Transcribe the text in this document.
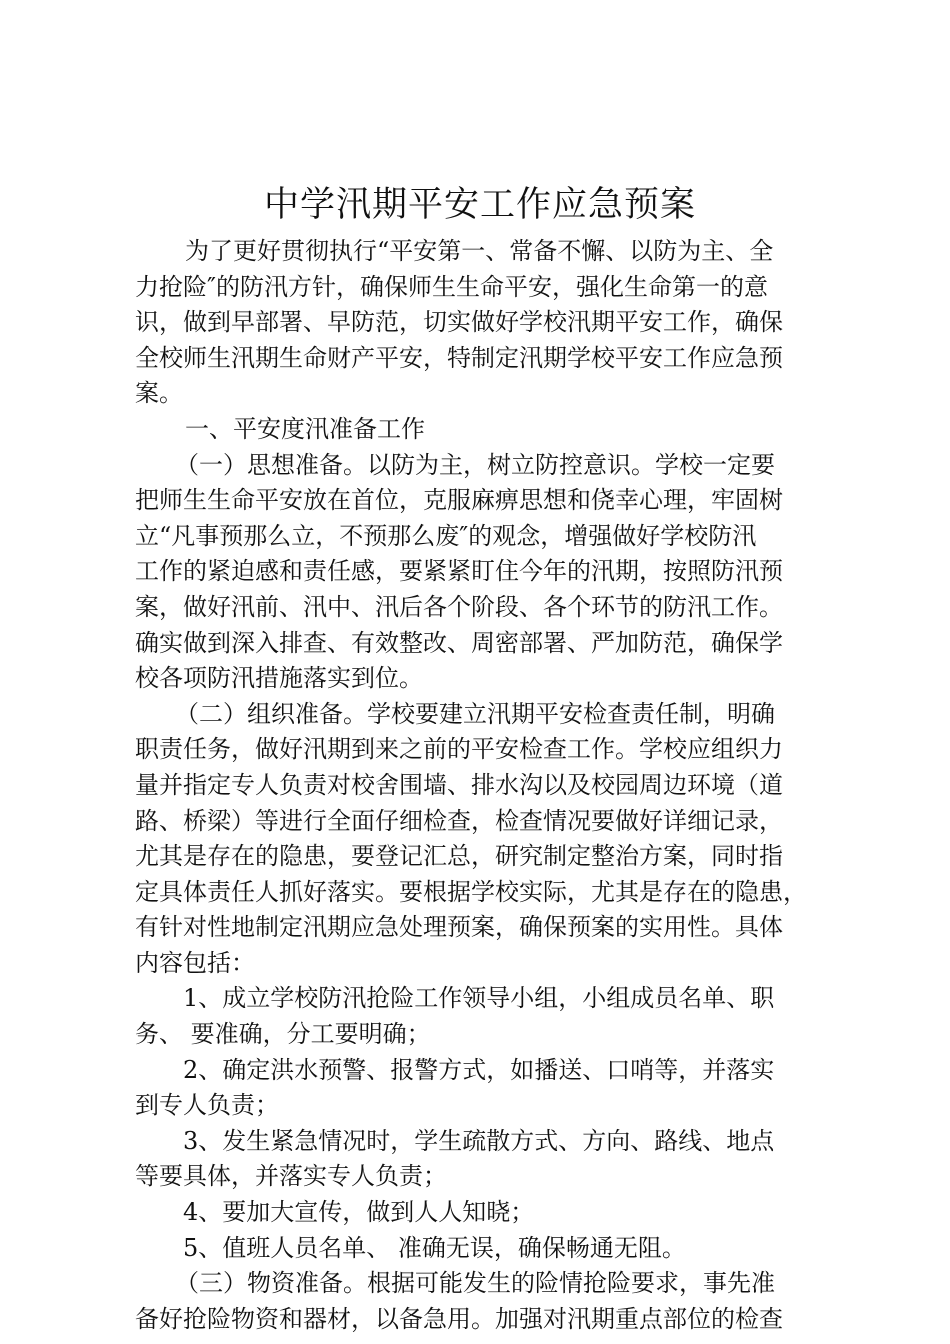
中学汛期平安工作应急预案

为了更好贯彻执行“平安第一、常备不懈、以防为主、全

力抢险″的防汛方针，确保师生生命平安，强化生命第一的意

识，做到早部署、早防范，切实做好学校汛期平安工作，确保

全校师生汛期生命财产平安，特制定汛期学校平安工作应急预

案。

一、平安度汛准备工作

（一）思想准备。以防为主，树立防控意识。学校一定要

把师生生命平安放在首位，克服麻痹思想和侥幸心理，牢固树

立“凡事预那么立，不预那么废″的观念，增强做好学校防汛

工作的紧迫感和责任感，要紧紧盯住今年的汛期，按照防汛预

案，做好汛前、汛中、汛后各个阶段、各个环节的防汛工作。

确实做到深入排查、有效整改、周密部署、严加防范，确保学

校各项防汛措施落实到位。

（二）组织准备。学校要建立汛期平安检查责任制，明确

职责任务，做好汛期到来之前的平安检查工作。学校应组织力

量并指定专人负责对校舍围墙、排水沟以及校园周边环境（道

路、桥梁）等进行全面仔细检查，检查情况要做好详细记录，

尤其是存在的隐患，要登记汇总，研究制定整治方案，同时指

定具体责任人抓好落实。要根据学校实际，尤其是存在的隐患，

有针对性地制定汛期应急处理预案，确保预案的实用性。具体

内容包括：

1、成立学校防汛抢险工作领导小组，小组成员名单、职

务、 要准确，分工要明确；

2、确定洪水预警、报警方式，如播送、口哨等，并落实

到专人负责；

3、发生紧急情况时，学生疏散方式、方向、路线、地点

等要具体，并落实专人负责；

4、要加大宣传，做到人人知晓；

5、值班人员名单、 准确无误，确保畅通无阻。

（三）物资准备。根据可能发生的险情抢险要求，事先准

备好抢险物资和器材，以备急用。加强对汛期重点部位的检查
